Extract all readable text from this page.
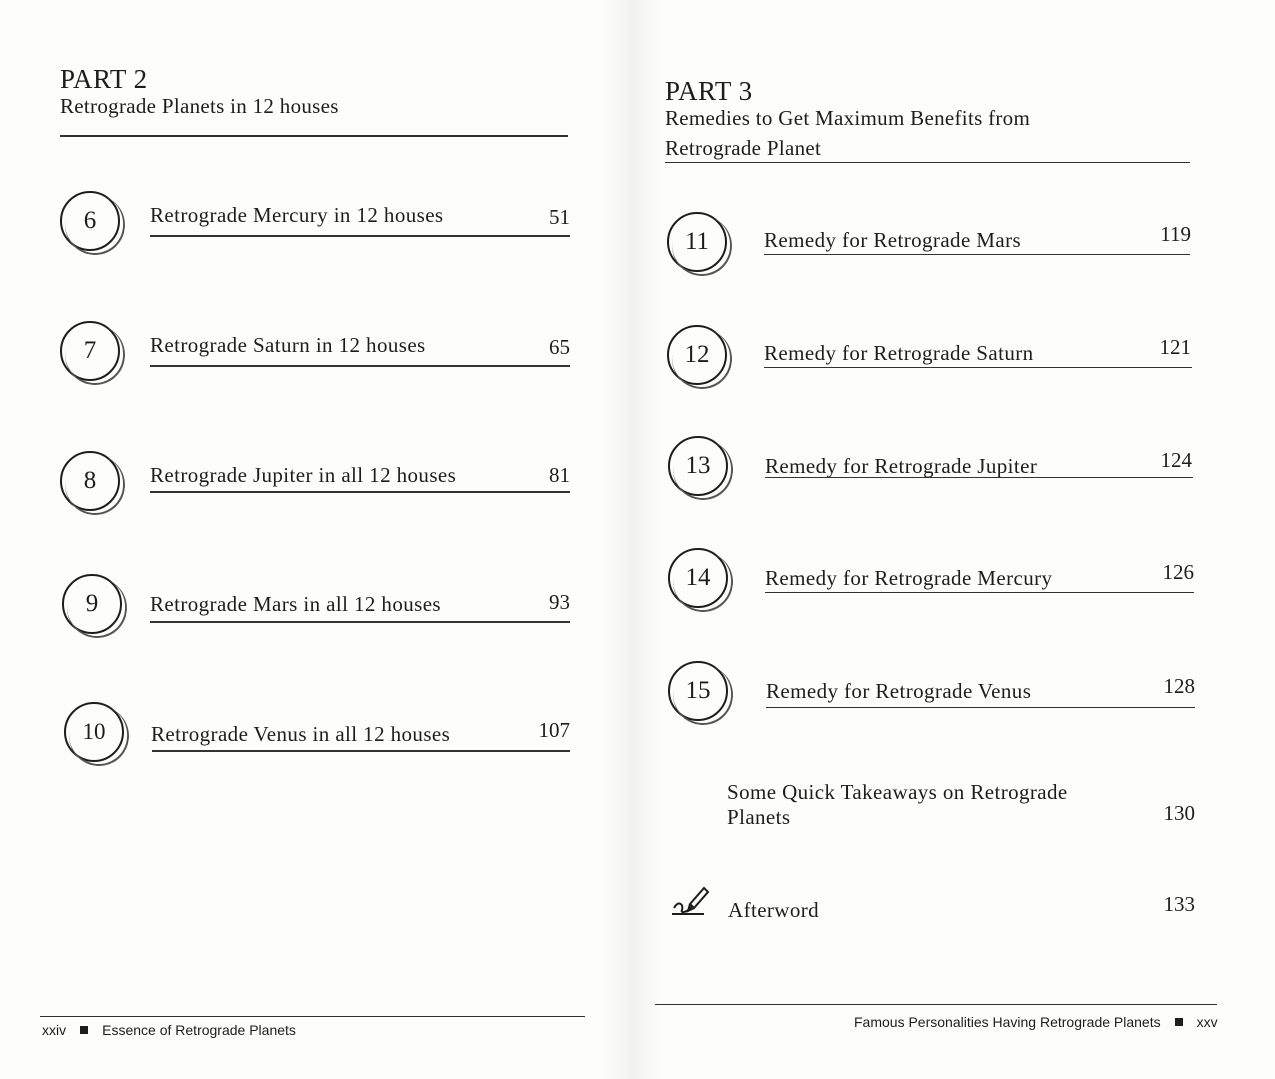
PART 2
Retrograde Planets in 12 houses
6	Retrograde Mercury in 12 houses	51
7	Retrograde Saturn in 12 houses	65
8	Retrograde Jupiter in all 12 houses	81
9	Retrograde Mars in all 12 houses	93
10	Retrograde Venus in all 12 houses	107
xxiv	Essence of Retrograde Planets
PART 3
Remedies to Get Maximum Benefits from
Retrograde Planet
11	Remedy for Retrograde Mars	119
12	Remedy for Retrograde Saturn	121
13	Remedy for Retrograde Jupiter	124
14	Remedy for Retrograde Mercury	126
15	Remedy for Retrograde Venus	128
Some Quick Takeaways on Retrograde
Planets	130
Afterword	133
Famous Personalities Having Retrograde Planets	xxv
